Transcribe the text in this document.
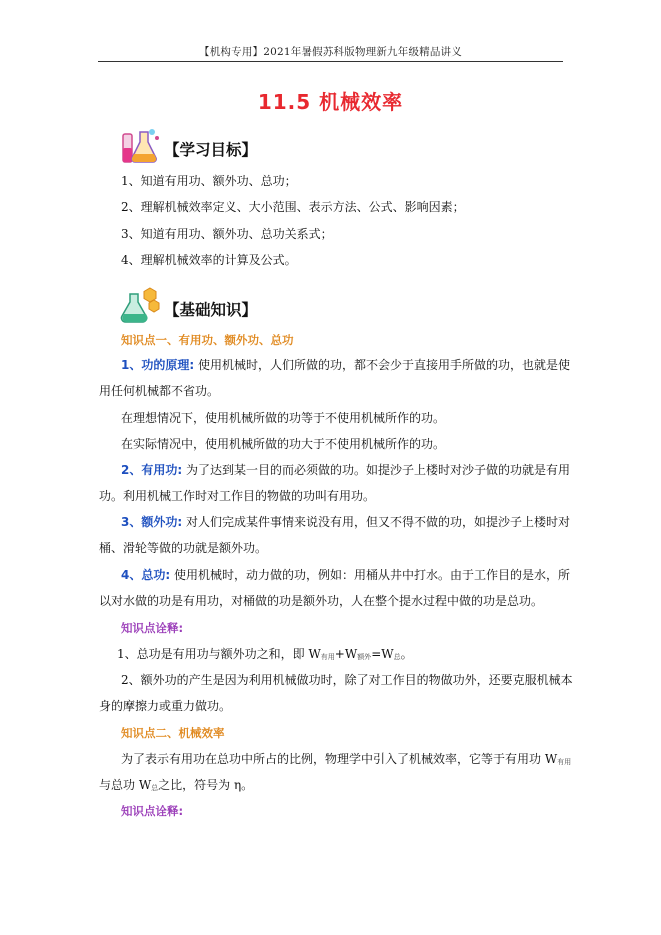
【机构专用】2021年暑假苏科版物理新九年级精品讲义
11.5 机械效率
【学习目标】
1、知道有用功、额外功、总功；
2、理解机械效率定义、大小范围、表示方法、公式、影响因素；
3、知道有用功、额外功、总功关系式；
4、理解机械效率的计算及公式。
【基础知识】
知识点一、有用功、额外功、总功
1、功的原理: 使用机械时，人们所做的功，都不会少于直接用手所做的功，也就是使
用任何机械都不省功。
在理想情况下，使用机械所做的功等于不使用机械所作的功。
在实际情况中，使用机械所做的功大于不使用机械所作的功。
2、有用功: 为了达到某一目的而必须做的功。如提沙子上楼时对沙子做的功就是有用
功。利用机械工作时对工作目的物做的功叫有用功。
3、额外功: 对人们完成某件事情来说没有用，但又不得不做的功，如提沙子上楼时对
桶、滑轮等做的功就是额外功。
4、总功: 使用机械时，动力做的功，例如：用桶从井中打水。由于工作目的是水，所
以对水做的功是有用功，对桶做的功是额外功，人在整个提水过程中做的功是总功。
知识点诠释:
1、总功是有用功与额外功之和，即 $W_{有用}+W_{额外}=W_总$。
2、额外功的产生是因为利用机械做功时，除了对工作目的物做功外，还要克服机械本
身的摩擦力或重力做功。
知识点二、机械效率
为了表示有用功在总功中所占的比例，物理学中引入了机械效率，它等于有用功 $W_{有用}$
与总功 $W_总$之比，符号为 η。
知识点诠释:
